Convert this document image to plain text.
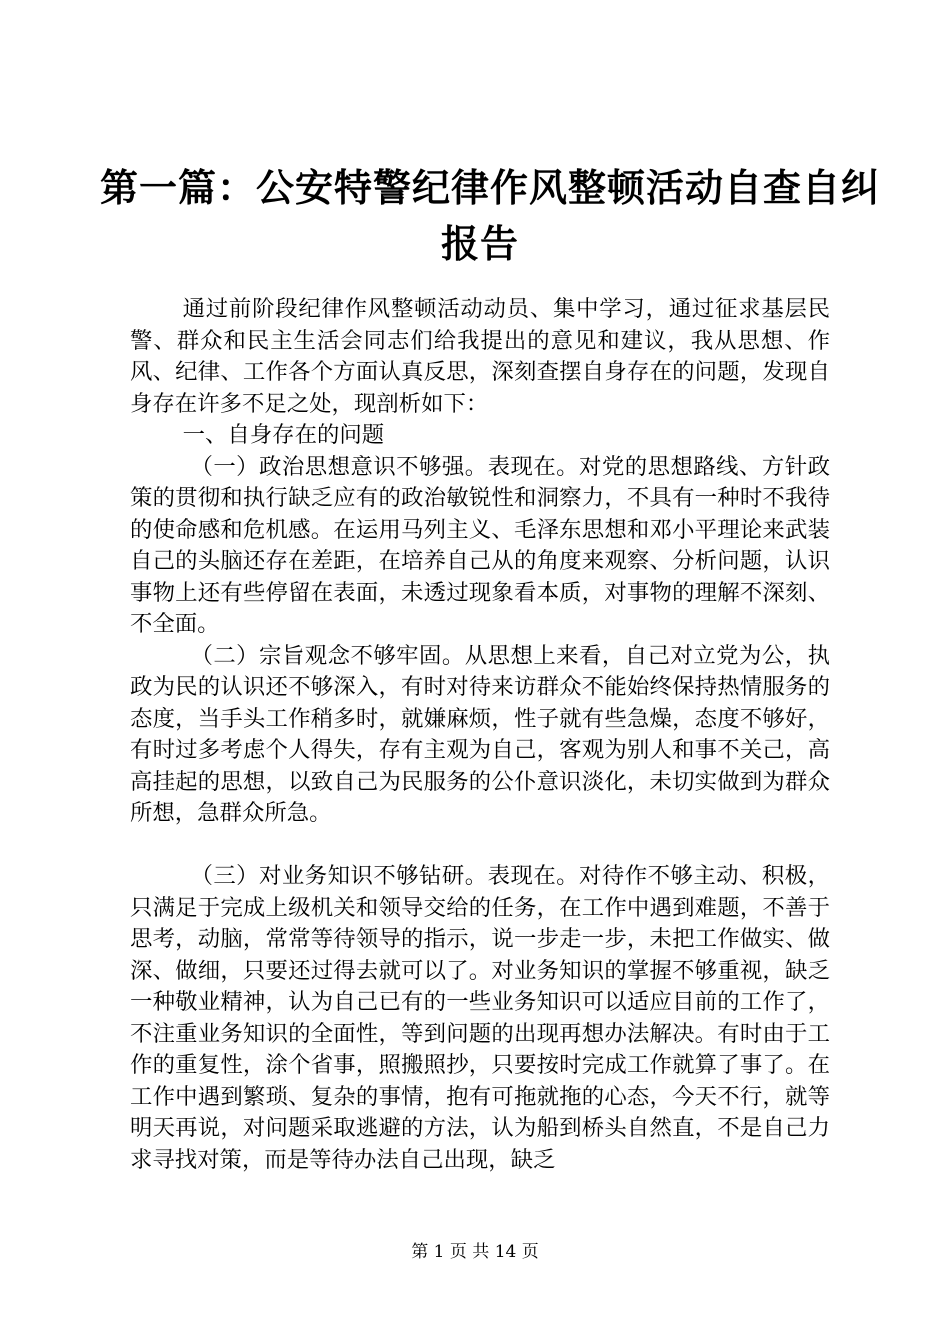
第一篇：公安特警纪律作风整顿活动自查自纠
报告

通过前阶段纪律作风整顿活动动员、集中学习，通过征求基层民警、群众和民主生活会同志们给我提出的意见和建议，我从思想、作风、纪律、工作各个方面认真反思，深刻查摆自身存在的问题，发现自身存在许多不足之处，现剖析如下：

一、自身存在的问题

（一）政治思想意识不够强。表现在。对党的思想路线、方针政策的贯彻和执行缺乏应有的政治敏锐性和洞察力，不具有一种时不我待的使命感和危机感。在运用马列主义、毛泽东思想和邓小平理论来武装自己的头脑还存在差距，在培养自己从的角度来观察、分析问题，认识事物上还有些停留在表面，未透过现象看本质，对事物的理解不深刻、不全面。

（二）宗旨观念不够牢固。从思想上来看，自己对立党为公，执政为民的认识还不够深入，有时对待来访群众不能始终保持热情服务的态度，当手头工作稍多时，就嫌麻烦，性子就有些急燥，态度不够好，有时过多考虑个人得失，存有主观为自己，客观为别人和事不关己，高高挂起的思想，以致自己为民服务的公仆意识淡化，未切实做到为群众所想，急群众所急。

（三）对业务知识不够钻研。表现在。对待作不够主动、积极，只满足于完成上级机关和领导交给的任务，在工作中遇到难题，不善于思考，动脑，常常等待领导的指示，说一步走一步，未把工作做实、做深、做细，只要还过得去就可以了。对业务知识的掌握不够重视，缺乏一种敬业精神，认为自己已有的一些业务知识可以适应目前的工作了，不注重业务知识的全面性，等到问题的出现再想办法解决。有时由于工作的重复性，涂个省事，照搬照抄，只要按时完成工作就算了事了。在工作中遇到繁琐、复杂的事情，抱有可拖就拖的心态，今天不行，就等明天再说，对问题采取逃避的方法，认为船到桥头自然直，不是自己力求寻找对策，而是等待办法自己出现，缺乏

第 1 页 共 14 页
